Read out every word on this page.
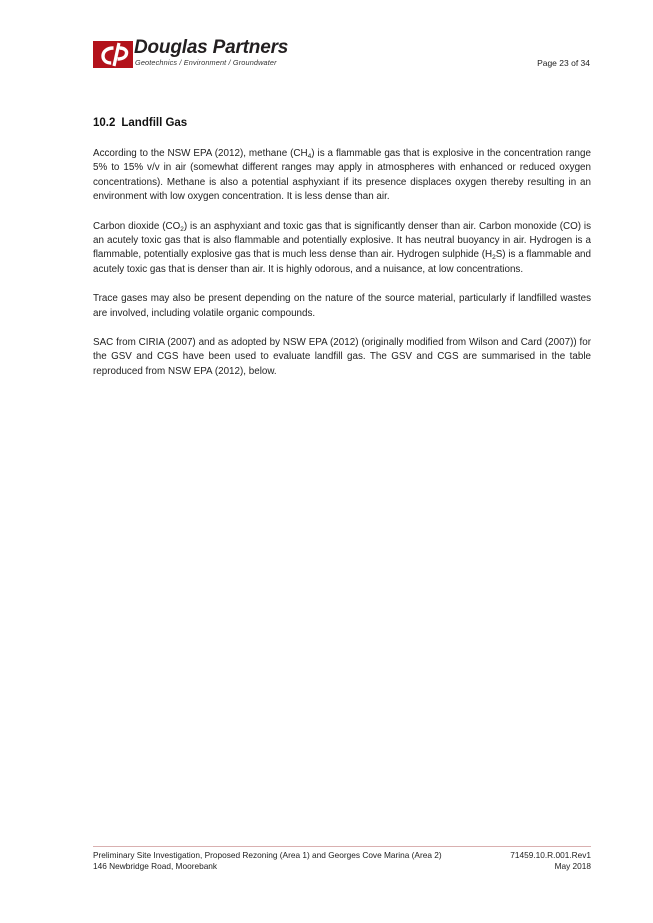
Douglas Partners
Geotechnics / Environment / Groundwater	Page 23 of 34
10.2 Landfill Gas

According to the NSW EPA (2012), methane $(CH_4)$ is a flammable gas that is explosive in the concentration range 5% to 15% v/v in air (somewhat different ranges may apply in atmospheres with enhanced or reduced oxygen concentrations). Methane is also a potential asphyxiant if its presence displaces oxygen thereby resulting in an environment with low oxygen concentration. It is less dense than air.

Carbon dioxide $(CO_2)$ is an asphyxiant and toxic gas that is significantly denser than air. Carbon monoxide (CO) is an acutely toxic gas that is also flammable and potentially explosive. It has neutral buoyancy in air. Hydrogen is a flammable, potentially explosive gas that is much less dense than air. Hydrogen sulphide $(H_2S)$ is a flammable and acutely toxic gas that is denser than air. It is highly odorous, and a nuisance, at low concentrations.

Trace gases may also be present depending on the nature of the source material, particularly if landfilled wastes are involved, including volatile organic compounds.

SAC from CIRIA (2007) and as adopted by NSW EPA (2012) (originally modified from Wilson and Card (2007)) for the GSV and CGS have been used to evaluate landfill gas. The GSV and CGS are summarised in the table reproduced from NSW EPA (2012), below.

Preliminary Site Investigation, Proposed Rezoning (Area 1) and Georges Cove Marina (Area 2)
146 Newbridge Road, Moorebank
71459.10.R.001.Rev1
May 2018
